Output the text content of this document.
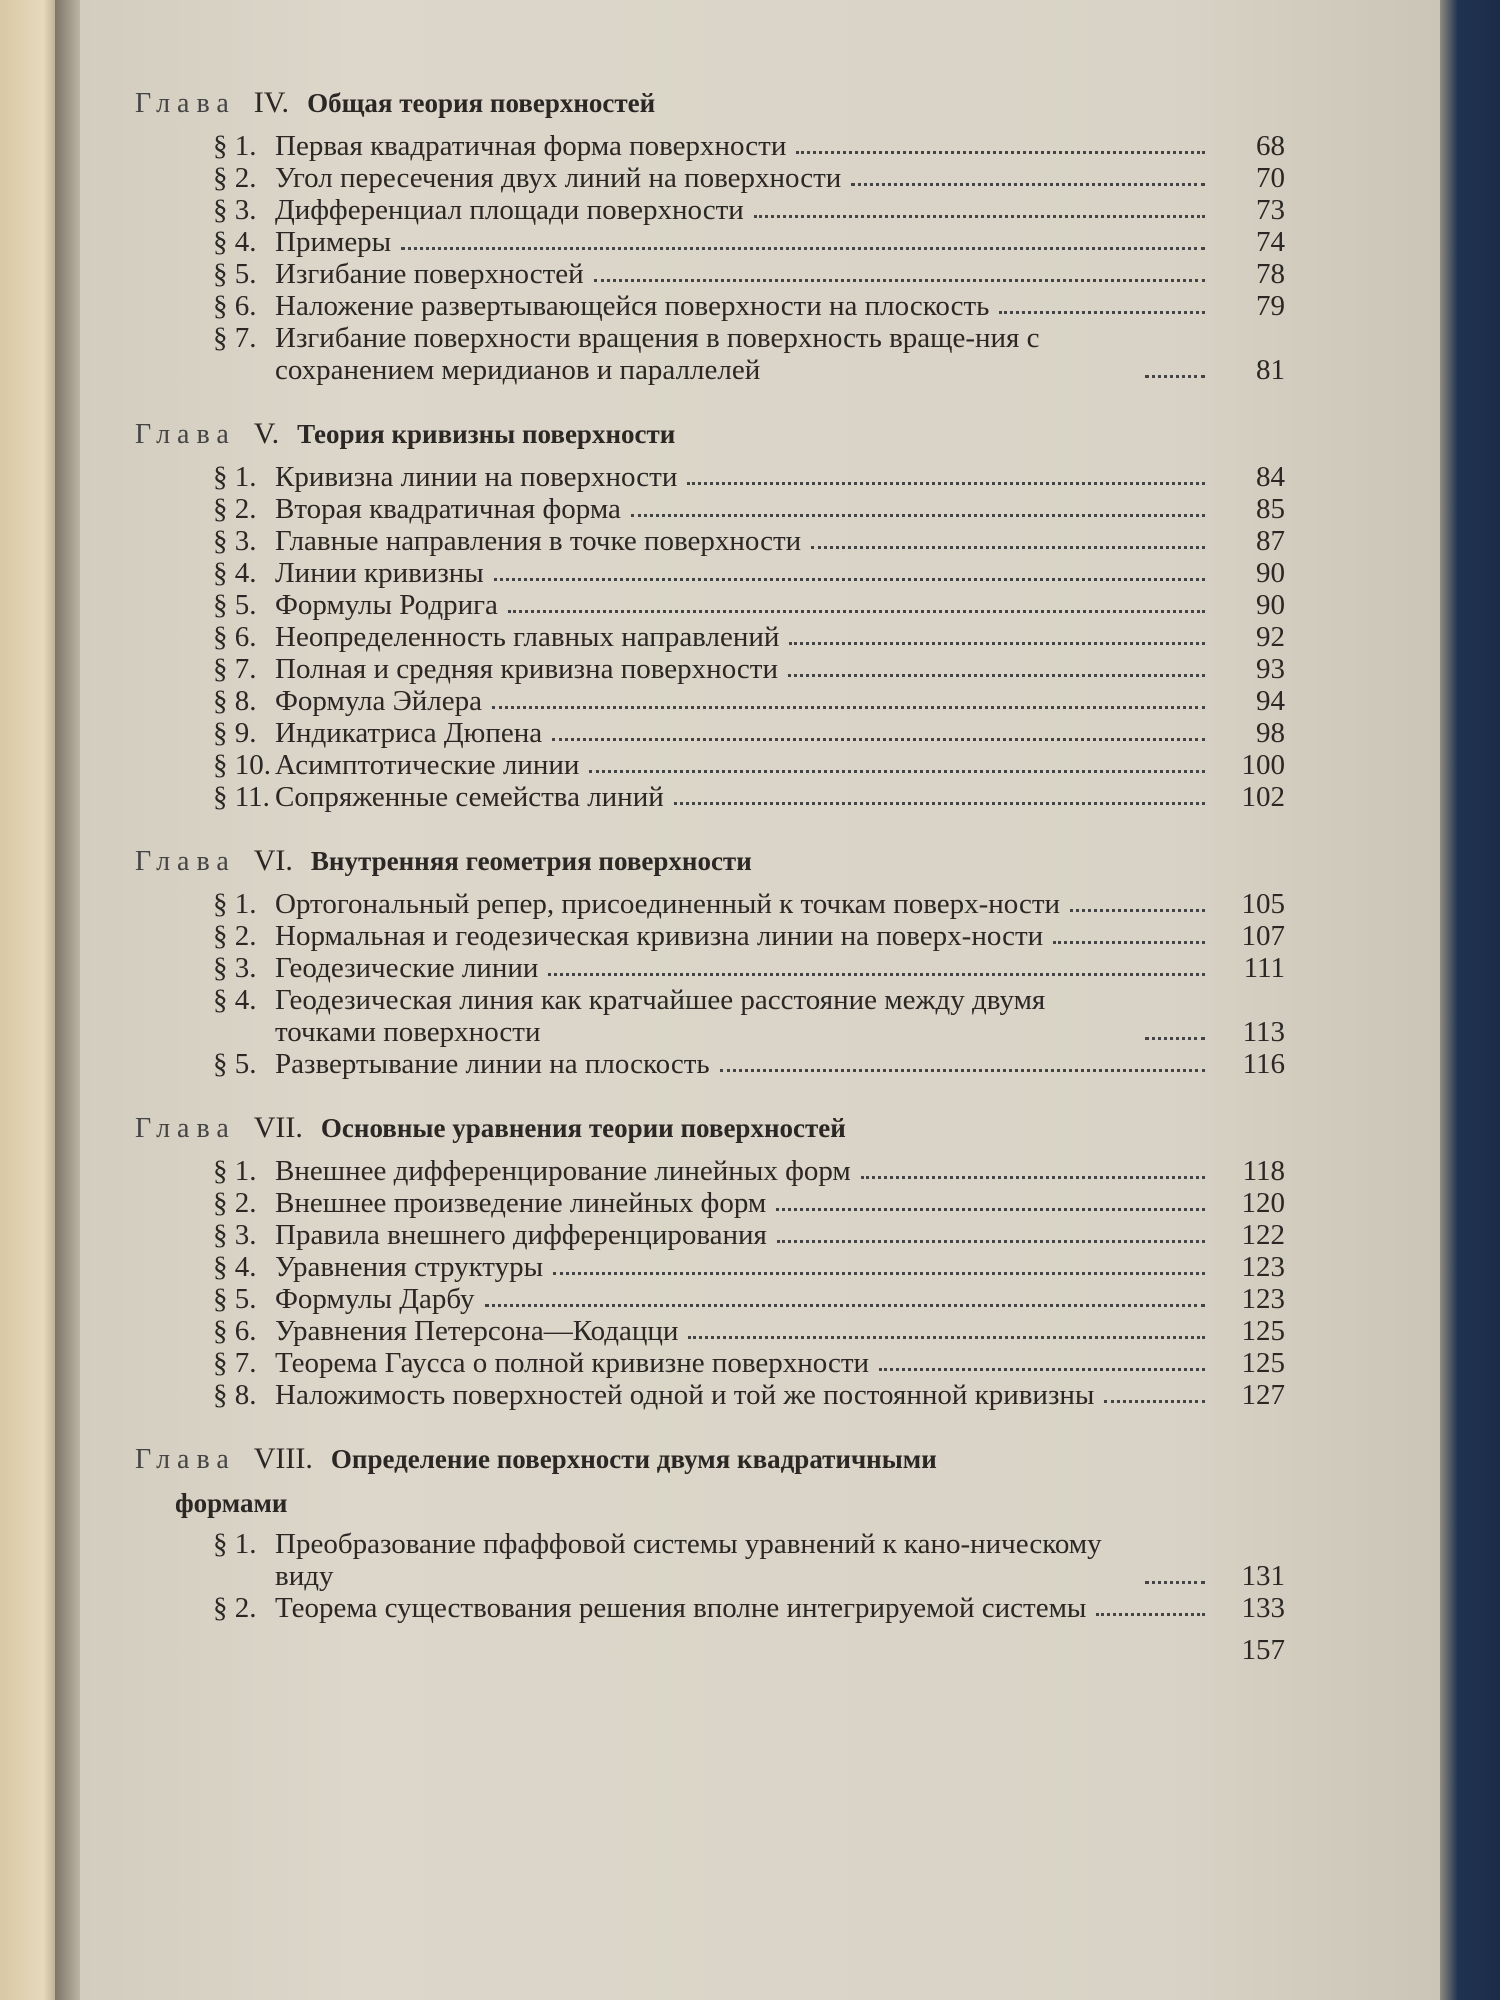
Глава IV. Общая теория поверхностей
§ 1. Первая квадратичная форма поверхности	68
§ 2. Угол пересечения двух линий на поверхности	70
§ 3. Дифференциал площади поверхности	73
§ 4. Примеры	74
§ 5. Изгибание поверхностей	78
§ 6. Наложение развертывающейся поверхности на плоскость	79
§ 7. Изгибание поверхности вращения в поверхность враще-ния с сохранением меридианов и параллелей	81
Глава V. Теория кривизны поверхности
§ 1. Кривизна линии на поверхности	84
§ 2. Вторая квадратичная форма	85
§ 3. Главные направления в точке поверхности	87
§ 4. Линии кривизны	90
§ 5. Формулы Родрига	90
§ 6. Неопределенность главных направлений	92
§ 7. Полная и средняя кривизна поверхности	93
§ 8. Формула Эйлера	94
§ 9. Индикатриса Дюпена	98
§ 10. Асимптотические линии	100
§ 11. Сопряженные семейства линий	102
Глава VI. Внутренняя геометрия поверхности
§ 1. Ортогональный репер, присоединенный к точкам поверх-ности	105
§ 2. Нормальная и геодезическая кривизна линии на поверх-ности	107
§ 3. Геодезические линии	111
§ 4. Геодезическая линия как кратчайшее расстояние между двумя точками поверхности	113
§ 5. Развертывание линии на плоскость	116
Глава VII. Основные уравнения теории поверхностей
§ 1. Внешнее дифференцирование линейных форм	118
§ 2. Внешнее произведение линейных форм	120
§ 3. Правила внешнего дифференцирования	122
§ 4. Уравнения структуры	123
§ 5. Формулы Дарбу	123
§ 6. Уравнения Петерсона—Кодацци	125
§ 7. Теорема Гаусса о полной кривизне поверхности	125
§ 8. Наложимость поверхностей одной и той же постоянной кривизны	127
Глава VIII. Определение поверхности двумя квадратичными
формами
§ 1. Преобразование пфаффовой системы уравнений к кано-ническому виду	131
§ 2. Теорема существования решения вполне интегрируемой системы	133
157
